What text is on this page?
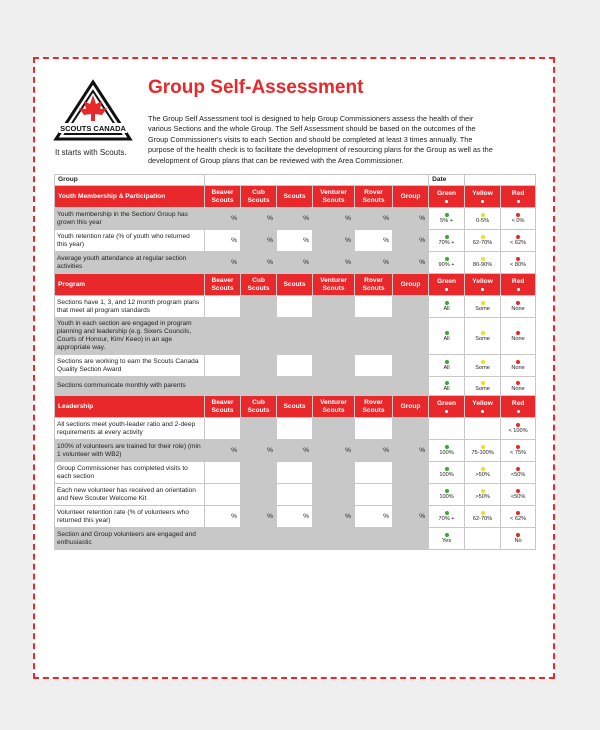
SCOUTS CANADA
It starts with Scouts.
Group Self-Assessment

The Group Self Assessment tool is designed to help Group Commissioners assess the health of their

various Sections and the whole Group. The Self Assessment should be based on the outcomes of the

Group Commissioner's visits to each Section and should be completed at least 3 times annually. The

purpose of the health check is to facilitate the development of resourcing plans for the Group as well as the

development of Group plans that can be reviewed with the Area Commissioner.

Group							Date		
Youth Membership & Participation	Beaver Scouts	Cub Scouts	Scouts	Venturer Scouts	Rover Scouts	Group	Green	Yellow	Red

Youth membership in the Section/ Group has grown this year	%	%	%	%	%	%	5% +	0-5%	< 0%
Youth retention rate (% of youth who returned this year)	%	%	%	%	%	%	70% +	62-70%	< 62%
Average youth attendance at regular section activities	%	%	%	%	%	%	90% +	80-90%	< 80%
Program	Beaver Scouts	Cub Scouts	Scouts	Venturer Scouts	Rover Scouts	Group	Green	Yellow	Red

Sections have 1, 3, and 12 month program plans that meet all program standards							All	Some	None
Youth in each section are engaged in program planning and leadership (e.g. Sixers Councils, Courts of Honour, Kim/ Keeo) in an age appropriate way.							All	Some	None
Sections are working to earn the Scouts Canada Quality Section Award							All	Some	None
Sections communicate monthly with parents							All	Some	None
Leadership	Beaver Scouts	Cub Scouts	Scouts	Venturer Scouts	Rover Scouts	Group	Green	Yellow	Red

All sections meet youth-leader ratio and 2-deep requirements at every activity									< 100%
100% of volunteers are trained for their role) (min 1 volunteer with WB2)	%	%	%	%	%	%	100%	75-100%	< 75%
Group Commissioner has completed visits to each section							100%	>50%	<50%
Each new volunteer has received an orientation and New Scouter Welcome Kit							100%	>50%	<50%
Volunteer retention rate (% of volunteers who returned this year)	%	%	%	%	%	%	70% +	62-70%	< 62%
Section and Group volunteers are engaged and enthusiastic							Yes		No
